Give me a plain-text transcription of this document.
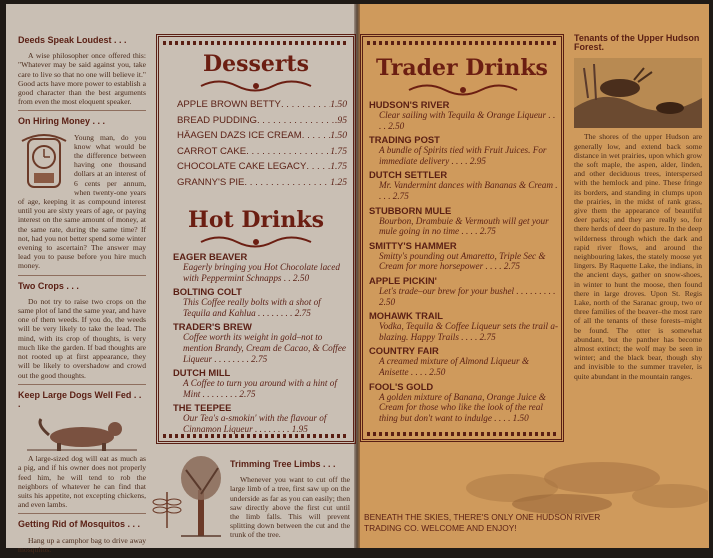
Deeds Speak Loudest . . .

A wise philosopher once offered this: "Whatever may be said against you, take care to live so that no one will believe it." Good acts have more power to establish a good character than the best arguments from even the most eloquent speaker.

On Hiring Money . . .

Young man, do you know what would be the difference between having one thousand dollars at an interest of 6 cents per annum, when twenty-one years of age, keeping it as compound interest until you are sixty years of age, or paying interest on the same amount of money, at the same rate, during the same time? If not, had you not better spend some winter evening to ascertain? The answer may lead you to pause before you hire much money.

Two Crops . . .

Do not try to raise two crops on the same plot of land the same year, and have one of them weeds. If you do, the weeds will be very likely to take the lead. The mind, with its crop of thoughts, is very much like the garden. If bad thoughts are not rooted up at first appearance, they will be likely to overshadow and crowd out the good thoughts.

Keep Large Dogs Well Fed . . .

A large-sized dog will eat as much as a pig, and if his owner does not properly feed him, he will tend to rob the neighbors of whatever he can find that suits his appetite, not excepting chickens, and even lambs.

Getting Rid of Mosquitos . . .

Hang up a camphor bag to drive away mosquitos.

Desserts
APPLE BROWN BETTY . . .	1.50
BREAD PUDDING . . .	.95
HÄAGEN DAZS ICE CREAM . . .	1.50
CARROT CAKE . . .	1.75
CHOCOLATE CAKE LEGACY . . . 1.75
GRANNY'S PIE . . .	1.25
Hot Drinks

EAGER BEAVER

Eagerly bringing you Hot Chocolate laced with Peppermint Schnapps . . 2.50

BOLTING COLT

This Coffee really bolts with a shot of Tequila and Kahlua . . . . . . . . 2.75

TRADER'S BREW

Coffee worth its weight in gold–not to mention Brandy, Cream de Cacao, & Coffee Liqueur . . . . . . . . 2.75

DUTCH MILL

A Coffee to turn you around with a hint of Mint . . . . . . . . 2.75

THE TEEPEE

Our Tea's a-smokin' with the flavour of Cinnamon Liqueur . . . . . . . . 1.95

Trimming Tree Limbs . . .

Whenever you want to cut off the large limb of a tree, first saw up on the underside as far as you can easily; then saw directly above the first cut until the limb falls. This will prevent splitting down between the cut and the trunk of the tree.

Trader Drinks

HUDSON'S RIVER

Clear sailing with Tequila & Orange Liqueur . . . . 2.50

TRADING POST

A bundle of Spirits tied with Fruit Juices. For immediate delivery . . . . 2.95

DUTCH SETTLER

Mr. Vandermint dances with Bananas & Cream . . . . 2.75

STUBBORN MULE

Bourbon, Drambuie & Vermouth will get your mule going in no time . . . . 2.75

SMITTY'S HAMMER

Smitty's pounding out Amaretto, Triple Sec & Cream for more horsepower . . . . 2.75

APPLE PICKIN'

Let's trade–our brew for your bushel . . . . . . . . . 2.50

MOHAWK TRAIL

Vodka, Tequila & Coffee Liqueur sets the trail a-blazing. Happy Trails . . . . 2.75

COUNTRY FAIR

A creamed mixture of Almond Liqueur & Anisette . . . . 2.50

FOOL'S GOLD

A golden mixture of Banana, Orange Juice & Cream for those who like the look of the real thing but don't want to indulge . . . . 1.50

Tenants of the Upper Hudson Forest.

The shores of the upper Hudson are generally low, and extend back some distance in wet prairies, upon which grow the soft maple, the aspen, alder, linden, and other deciduous trees, interspersed with the hemlock and pine. These fringe its borders, and standing in clumps upon the prairies, in the midst of rank grass, give them the appearance of beautiful deer parks; and they are really so, for there herds of deer do pasture. In the deep wilderness through which the dark and rapid river flows, and around the neighbouring lakes, the stately moose yet lingers. By Raquette Lake, the indians, in the ancient days, gather on snow-shoes, in winter to hunt the moose, then found there in large droves. Upon St. Regis Lake, north of the Saranac group, two or three families of the beaver–the most rare of all the tenants of these forests–might be found. The otter is somewhat abundant, but the panther has become almost extinct; the wolf may be seen in winter; and the black bear, though shy and invisible to the summer traveler, is quite abundant in the mountain ranges.

BENEATH THE SKIES, THERE'S ONLY ONE HUDSON RIVER TRADING CO. WELCOME AND ENJOY!
